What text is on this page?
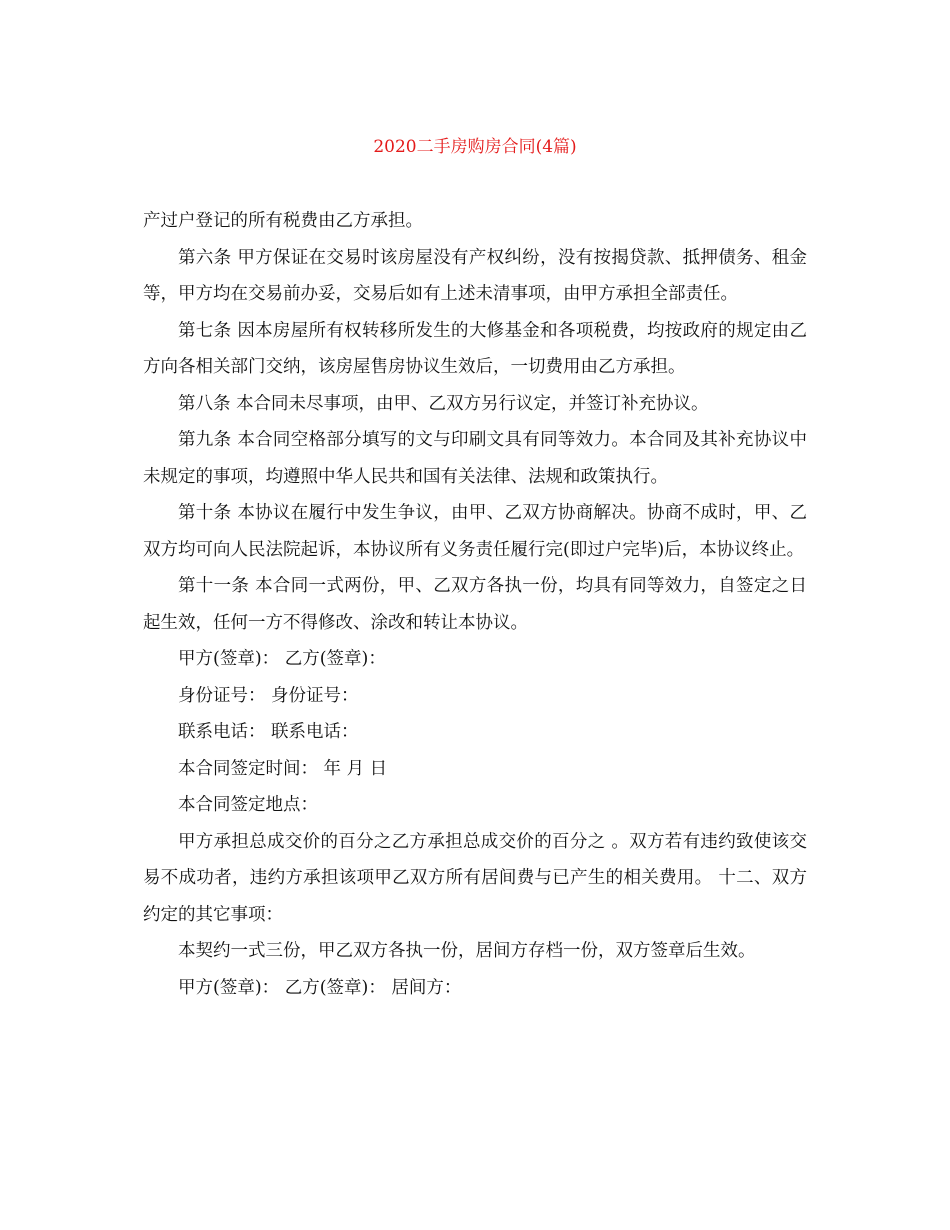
2020二手房购房合同(4篇)

产过户登记的所有税费由乙方承担。

第六条 甲方保证在交易时该房屋没有产权纠纷，没有按揭贷款、抵押债务、租金等，甲方均在交易前办妥，交易后如有上述未清事项，由甲方承担全部责任。

第七条 因本房屋所有权转移所发生的大修基金和各项税费，均按政府的规定由乙方向各相关部门交纳，该房屋售房协议生效后，一切费用由乙方承担。

第八条 本合同未尽事项，由甲、乙双方另行议定，并签订补充协议。

第九条 本合同空格部分填写的文与印刷文具有同等效力。本合同及其补充协议中未规定的事项，均遵照中华人民共和国有关法律、法规和政策执行。

第十条 本协议在履行中发生争议，由甲、乙双方协商解决。协商不成时，甲、乙双方均可向人民法院起诉，本协议所有义务责任履行完(即过户完毕)后，本协议终止。

第十一条 本合同一式两份，甲、乙双方各执一份，均具有同等效力，自签定之日起生效，任何一方不得修改、涂改和转让本协议。

甲方(签章)： 乙方(签章)：

身份证号： 身份证号：

联系电话： 联系电话：

本合同签定时间： 年 月 日

本合同签定地点：

甲方承担总成交价的百分之乙方承担总成交价的百分之 。双方若有违约致使该交易不成功者，违约方承担该项甲乙双方所有居间费与已产生的相关费用。 十二、双方约定的其它事项：

本契约一式三份，甲乙双方各执一份，居间方存档一份，双方签章后生效。

甲方(签章)： 乙方(签章)： 居间方：
